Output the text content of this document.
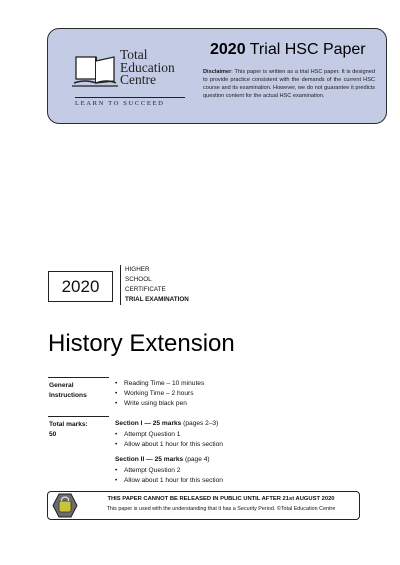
Total
Education
Centre
LEARN TO SUCCEED
2020 Trial HSC Paper
Disclaimer: This paper is written as a trial HSC paper. It is designed to provide practice consistent with the demands of the current HSC course and its examination. However, we do not guarantee it predicts question content for the actual HSC examination.
2020
HIGHER
SCHOOL
CERTIFICATE
TRIAL EXAMINATION
History Extension
General
Instructions
• Reading Time – 10 minutes
• Working Time – 2 hours
• Write using black pen
Total marks:
50
Section I — 25 marks (pages 2–3)
• Attempt Question 1
• Allow about 1 hour for this section
Section II — 25 marks (page 4)
• Attempt Question 2
• Allow about 1 hour for this section
THIS PAPER CANNOT BE RELEASED IN PUBLIC UNTIL AFTER 21st AUGUST 2020
This paper is used with the understanding that it has a Security Period. ©Total Education Centre
